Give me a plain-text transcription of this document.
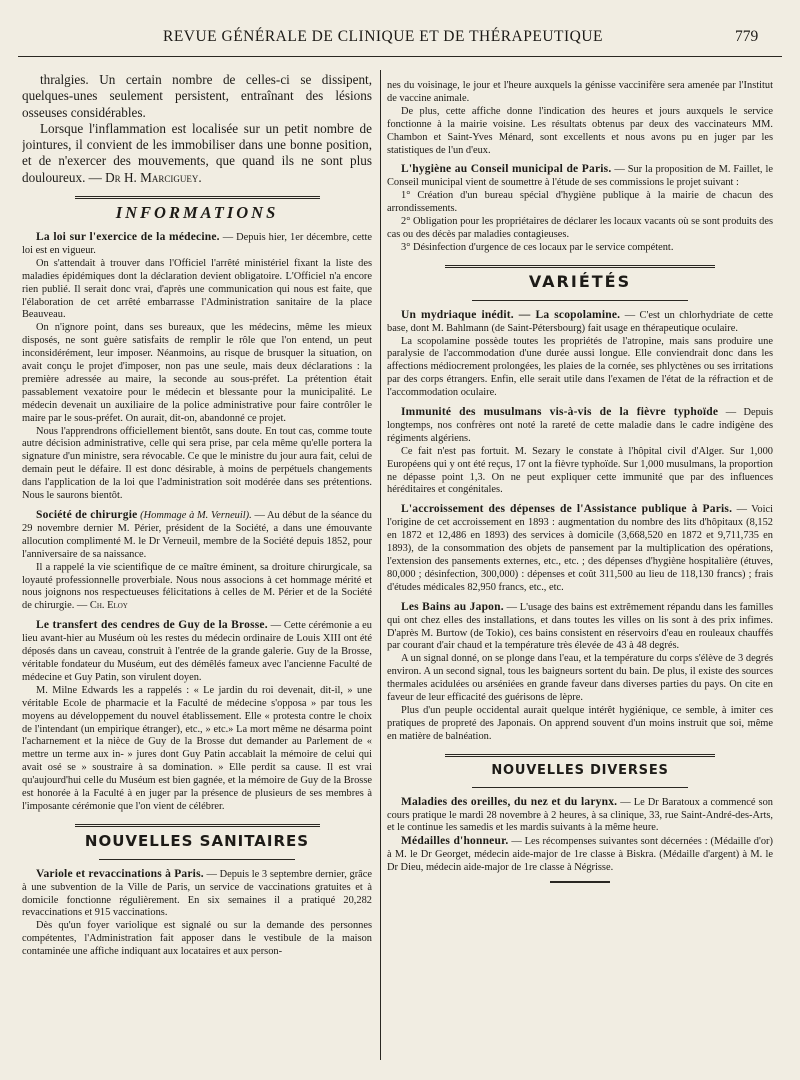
REVUE GÉNÉRALE DE CLINIQUE ET DE THÉRAPEUTIQUE	779

thralgies. Un certain nombre de celles-ci se dissipent, quelques-unes seulement persistent, entraînant des lésions osseuses considérables.

Lorsque l'inflammation est localisée sur un petit nombre de jointures, il convient de les immobiliser dans une bonne position, et de n'exercer des mouvements, que quand ils ne sont plus douloureux. — Dr H. Marciguey.

INFORMATIONS

La loi sur l'exercice de la médecine. — Depuis hier, 1er décembre, cette loi est en vigueur.

On s'attendait à trouver dans l'Officiel l'arrêté ministériel fixant la liste des maladies épidémiques dont la déclaration devient obligatoire. L'Officiel n'a encore rien publié. Il serait donc vrai, d'après une communication qui nous est faite, que l'élaboration de cet arrêté embarrasse l'Administration sanitaire de la place Beauveau.

On n'ignore point, dans ses bureaux, que les médecins, même les mieux disposés, ne sont guère satisfaits de remplir le rôle que l'on entend, un peut inconsidérément, leur imposer. Néanmoins, au risque de brusquer la situation, on avait conçu le projet d'imposer, non pas une seule, mais deux déclarations : la première adressée au maire, la seconde au sous-préfet. La prétention était passablement vexatoire pour le médecin et blessante pour la municipalité. Le médecin devenait un auxiliaire de la police administrative pour faire contrôler le maire par le sous-préfet. On aurait, dit-on, abandonné ce projet.

Nous l'apprendrons officiellement bientôt, sans doute. En tout cas, comme toute autre décision administrative, celle qui sera prise, par cela même qu'elle portera la signature d'un ministre, sera révocable. Ce que le ministre du jour aura fait, celui de demain peut le défaire. Il est donc désirable, à moins de perpétuels changements dans l'application de la loi que l'administration soit modérée dans ses prétentions. Nous le saurons bientôt.

Société de chirurgie (Hommage à M. Verneuil). — Au début de la séance du 29 novembre dernier M. Périer, président de la Société, a dans une émouvante allocution complimenté M. le Dr Verneuil, membre de la Société depuis 1852, pour l'anniversaire de sa naissance.

Il a rappelé la vie scientifique de ce maître éminent, sa droiture chirurgicale, sa loyauté professionnelle proverbiale. Nous nous associons à cet hommage mérité et nous joignons nos respectueuses félicitations à celles de M. Périer et de la Société de chirurgie. — Ch. Eloy

Le transfert des cendres de Guy de la Brosse. — Cette cérémonie a eu lieu avant-hier au Muséum où les restes du médecin ordinaire de Louis XIII ont été déposés dans un caveau, construit à l'entrée de la grande galerie. Guy de la Brosse, véritable fondateur du Muséum, eut des démêlés fameux avec l'ancienne Faculté de médecine et Guy Patin, son virulent doyen.

M. Milne Edwards les a rappelés : « Le jardin du roi devenait, dit-il, » une véritable Ecole de pharmacie et la Faculté de médecine s'opposa » par tous les moyens au développement du nouvel établissement. Elle « protesta contre le choix de l'intendant (un empirique étranger), etc., » etc.» La mort même ne désarma point l'acharnement et la nièce de Guy de la Brosse dut demander au Parlement de « mettre un terme aux in- » jures dont Guy Patin accablait la mémoire de celui qui avait osé se » soustraire à sa domination. » Elle perdit sa cause. Il est vrai qu'aujourd'hui celle du Muséum est bien gagnée, et la mémoire de Guy de la Brosse est honorée à la Faculté à en juger par la présence de plusieurs de ses membres à l'imposante cérémonie que l'on vient de célébrer.

NOUVELLES SANITAIRES

Variole et revaccinations à Paris. — Depuis le 3 septembre dernier, grâce à une subvention de la Ville de Paris, un service de vaccinations gratuites et à domicile fonctionne régulièrement. En six semaines il a pratiqué 20,282 revaccinations et 915 vaccinations.

Dès qu'un foyer variolique est signalé ou sur la demande des personnes compétentes, l'Administration fait apposer dans le vestibule de la maison contaminée une affiche indiquant aux locataires et aux person-

nes du voisinage, le jour et l'heure auxquels la génisse vaccinifère sera amenée par l'Institut de vaccine animale.

De plus, cette affiche donne l'indication des heures et jours auxquels le service fonctionne à la mairie voisine. Les résultats obtenus par deux des vaccinateurs MM. Chambon et Saint-Yves Ménard, sont excellents et nous avons pu en juger par les statistiques de l'un d'eux.

L'hygiène au Conseil municipal de Paris. — Sur la proposition de M. Faillet, le Conseil municipal vient de soumettre à l'étude de ses commissions le projet suivant :

1° Création d'un bureau spécial d'hygiène publique à la mairie de chacun des arrondissements.

2° Obligation pour les propriétaires de déclarer les locaux vacants où se sont produits des cas ou des décès par maladies contagieuses.

3° Désinfection d'urgence de ces locaux par le service compétent.

VARIÉTÉS

Un mydriaque inédit. — La scopolamine. — C'est un chlorhydriate de cette base, dont M. Bahlmann (de Saint-Pétersbourg) fait usage en thérapeutique oculaire.

La scopolamine possède toutes les propriétés de l'atropine, mais sans produire une paralysie de l'accommodation d'une durée aussi longue. Elle conviendrait donc dans les affections médiocrement prolongées, les plaies de la cornée, ses phlyctènes ou ses irritations par des corps étrangers. Enfin, elle serait utile dans l'examen de l'état de la réfraction et de l'accommodation oculaire.

Immunité des musulmans vis-à-vis de la fièvre typhoïde — Depuis longtemps, nos confrères ont noté la rareté de cette maladie dans le cadre indigène des régiments algériens.

Ce fait n'est pas fortuit. M. Sezary le constate à l'hôpital civil d'Alger. Sur 1,000 Européens qui y ont été reçus, 17 ont la fièvre typhoïde. Sur 1,000 musulmans, la proportion ne dépasse point 1,3. On ne peut expliquer cette immunité que par des influences héréditaires et congénitales.

L'accroissement des dépenses de l'Assistance publique à Paris. — Voici l'origine de cet accroissement en 1893 : augmentation du nombre des lits d'hôpitaux (8,152 en 1872 et 12,486 en 1893) des services à domicile (3,668,520 en 1872 et 9,711,735 en 1893), de la consommation des objets de pansement par la multiplication des opérations, l'extension des pansements externes, etc., etc. ; des dépenses d'hygiène hospitalière (étuves, 80,000 ; désinfection, 300,000) : dépenses et coût 311,500 au lieu de 118,130 francs) ; frais d'études médicales 82,950 francs, etc., etc.

Les Bains au Japon. — L'usage des bains est extrêmement répandu dans les familles qui ont chez elles des installations, et dans toutes les villes on lis sont à des prix infimes. D'après M. Burtow (de Tokio), ces bains consistent en réservoirs d'eau en rouleaux chauffés par courant d'air chaud et la température très élevée de 43 à 48 degrés.

A un signal donné, on se plonge dans l'eau, et la température du corps s'élève de 3 degrés environ. A un second signal, tous les baigneurs sortent du bain. De plus, il existe des sources thermales acidulées ou arséniées en grande faveur dans diverses parties du pays. On cite en faveur de leur efficacité des guérisons de lèpre.

Plus d'un peuple occidental aurait quelque intérêt hygiénique, ce semble, à imiter ces pratiques de propreté des Japonais. On apprend souvent d'un moins instruit que soi, même en matière de balnéation.

NOUVELLES DIVERSES

Maladies des oreilles, du nez et du larynx. — Le Dr Baratoux a commencé son cours pratique le mardi 28 novembre à 2 heures, à sa clinique, 33, rue Saint-André-des-Arts, et le continue les samedis et les mardis suivants à la même heure.

Médailles d'honneur. — Les récompenses suivantes sont décernées : (Médaille d'or) à M. le Dr Georget, médecin aide-major de 1re classe à Biskra. (Médaille d'argent) à M. le Dr Dieu, médecin aide-major de 1re classe à Négrisse.
